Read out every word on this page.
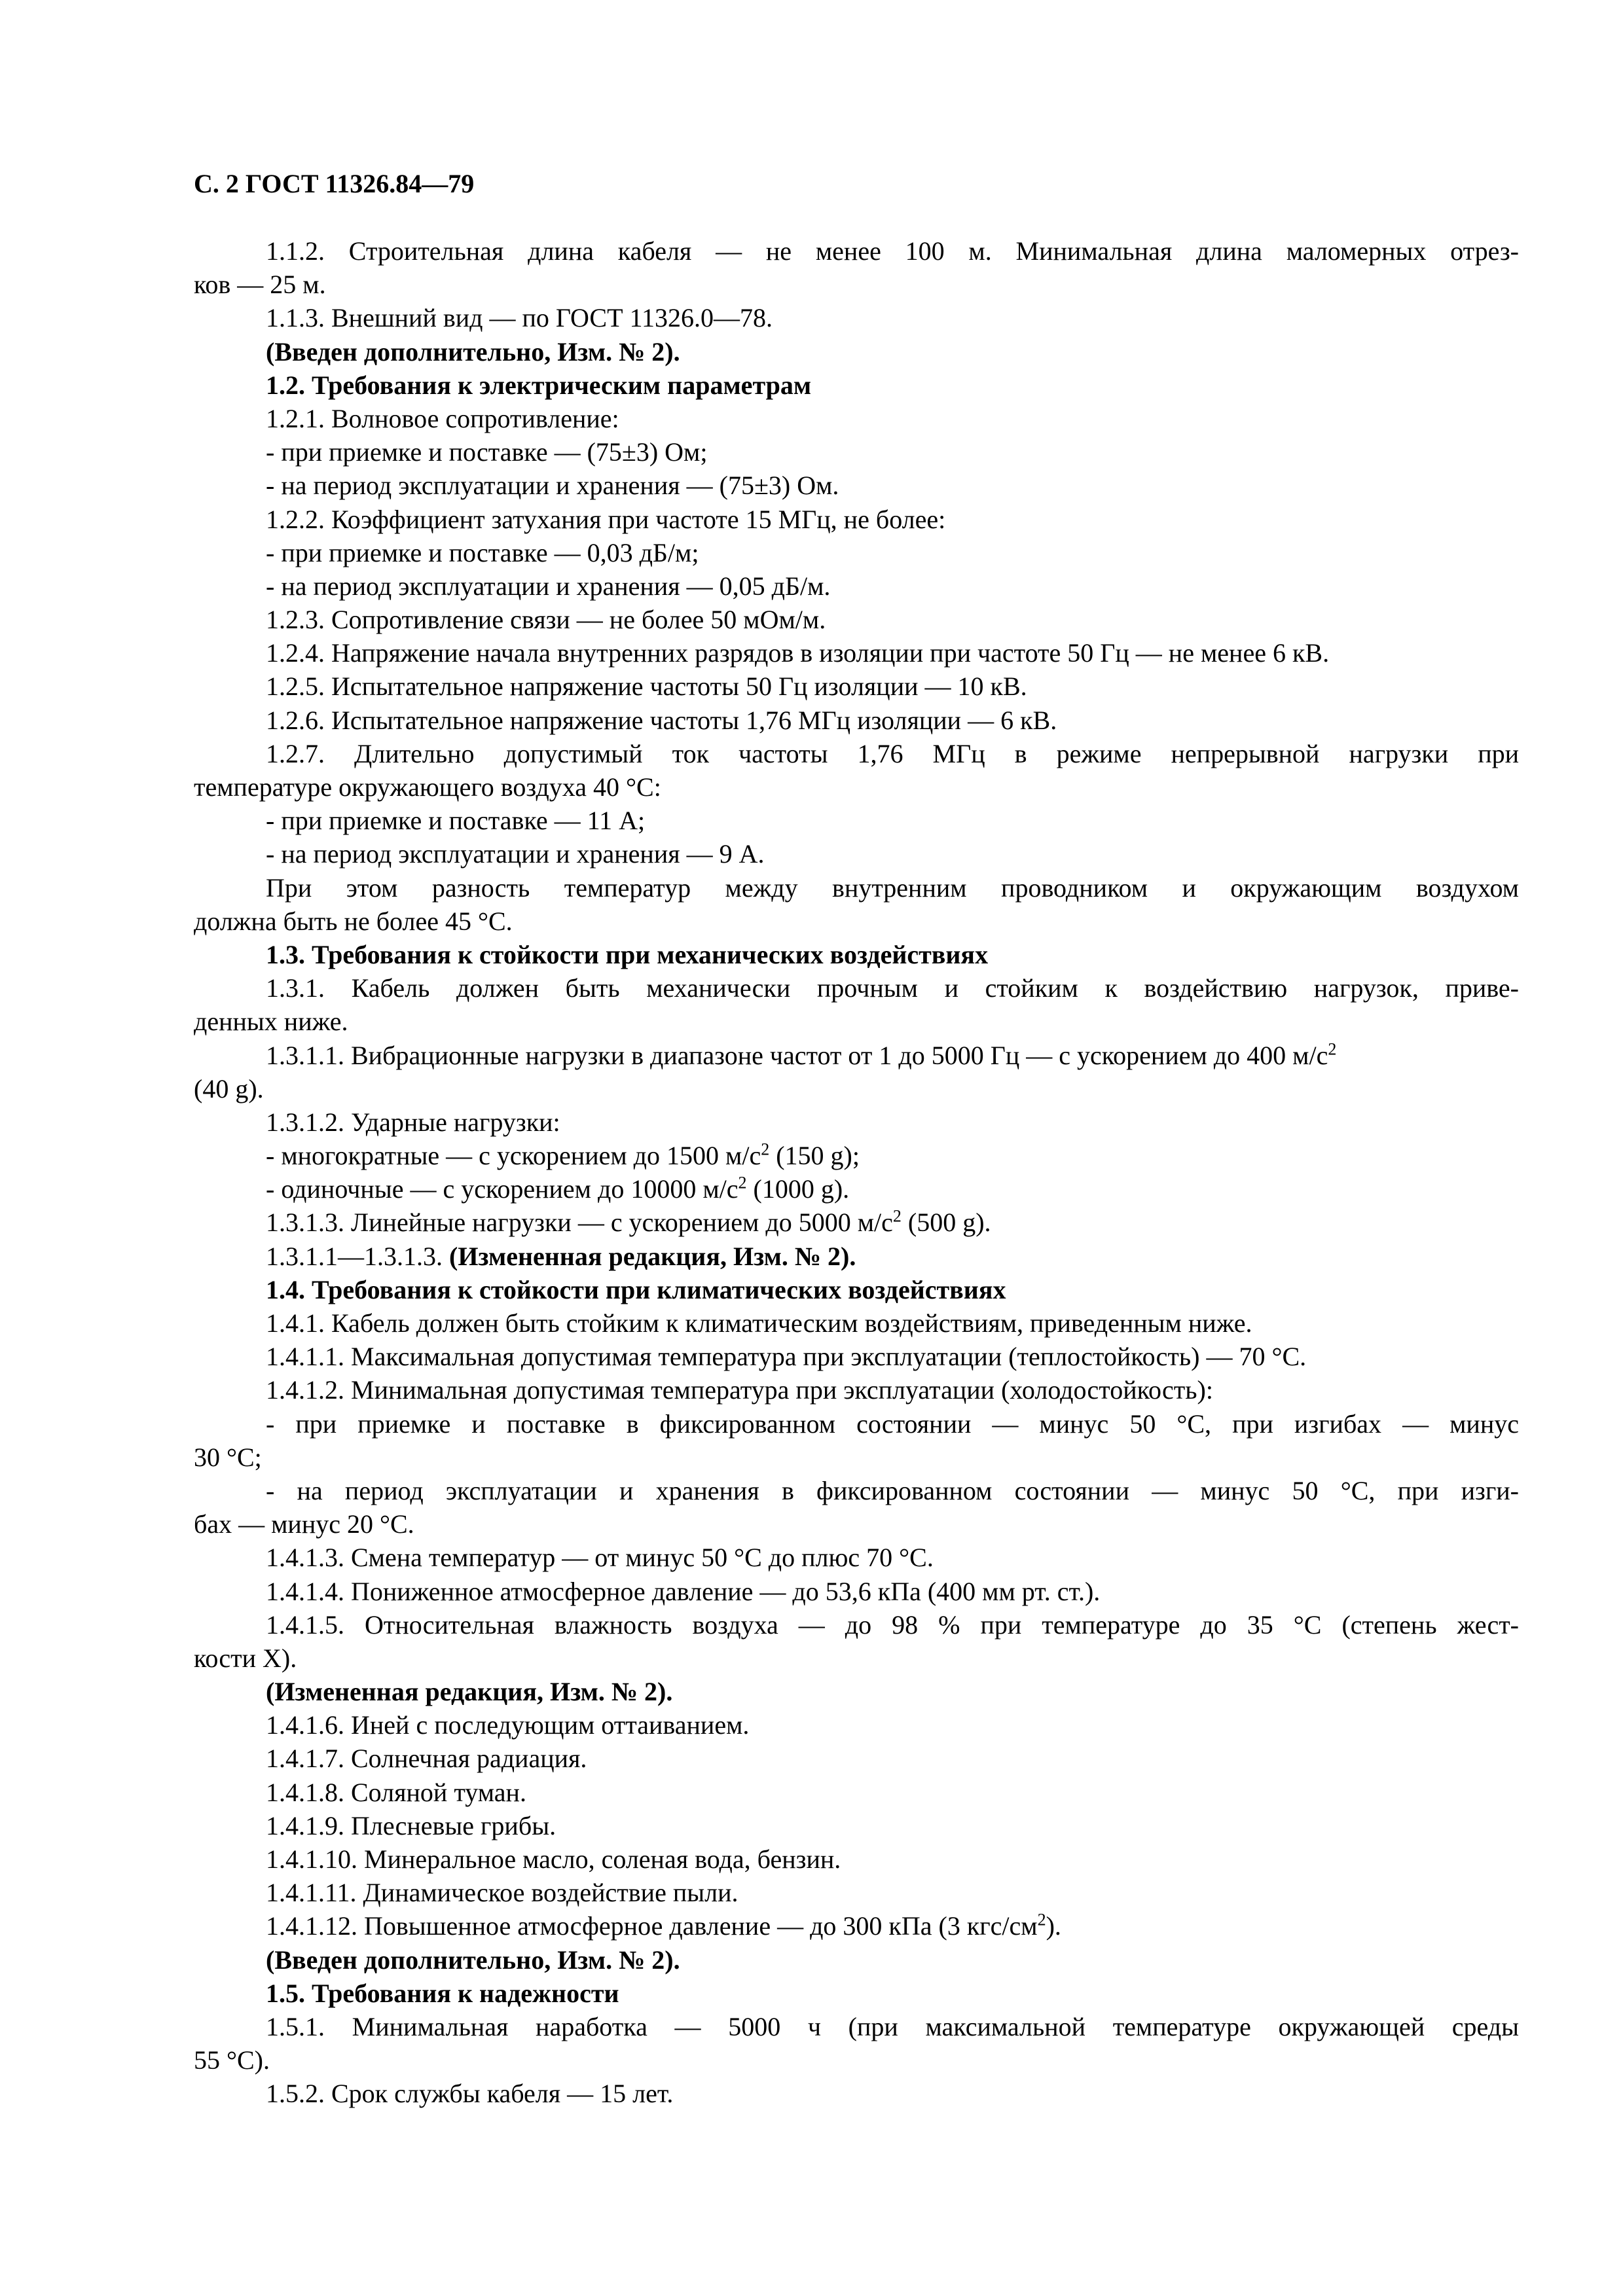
С. 2 ГОСТ 11326.84—79
1.1.2. Строительная длина кабеля — не менее 100 м. Минимальная длина маломерных отрез-
ков — 25 м.
1.1.3. Внешний вид — по ГОСТ 11326.0—78.
(Введен дополнительно, Изм. № 2).
1.2. Требования к электрическим параметрам
1.2.1. Волновое сопротивление:
- при приемке и поставке — (75±3) Ом;
- на период эксплуатации и хранения — (75±3) Ом.
1.2.2. Коэффициент затухания при частоте 15 МГц, не более:
- при приемке и поставке — 0,03 дБ/м;
- на период эксплуатации и хранения — 0,05 дБ/м.
1.2.3. Сопротивление связи — не более 50 мОм/м.
1.2.4. Напряжение начала внутренних разрядов в изоляции при частоте 50 Гц — не менее 6 кВ.
1.2.5. Испытательное напряжение частоты 50 Гц изоляции — 10 кВ.
1.2.6. Испытательное напряжение частоты 1,76 МГц изоляции — 6 кВ.
1.2.7. Длительно допустимый ток частоты 1,76 МГц в режиме непрерывной нагрузки при
температуре окружающего воздуха 40 °С:
- при приемке и поставке — 11 А;
- на период эксплуатации и хранения — 9 А.
При этом разность температур между внутренним проводником и окружающим воздухом
должна быть не более 45 °С.
1.3. Требования к стойкости при механических воздействиях
1.3.1. Кабель должен быть механически прочным и стойким к воздействию нагрузок, приве-
денных ниже.
1.3.1.1. Вибрационные нагрузки в диапазоне частот от 1 до 5000 Гц — с ускорением до 400 $м/с^2$
(40 g).
1.3.1.2. Ударные нагрузки:
- многократные — с ускорением до 1500 $м/с^2$ (150 g);
- одиночные — с ускорением до 10000 $м/с^2$ (1000 g).
1.3.1.3. Линейные нагрузки — с ускорением до 5000 $м/с^2$ (500 g).
1.3.1.1—1.3.1.3. (Измененная редакция, Изм. № 2).
1.4. Требования к стойкости при климатических воздействиях
1.4.1. Кабель должен быть стойким к климатическим воздействиям, приведенным ниже.
1.4.1.1. Максимальная допустимая температура при эксплуатации (теплостойкость) — 70 °С.
1.4.1.2. Минимальная допустимая температура при эксплуатации (холодостойкость):
- при приемке и поставке в фиксированном состоянии — минус 50 °С, при изгибах — минус
30 °С;
- на период эксплуатации и хранения в фиксированном состоянии — минус 50 °С, при изги-
бах — минус 20 °С.
1.4.1.3. Смена температур — от минус 50 °С до плюс 70 °С.
1.4.1.4. Пониженное атмосферное давление — до 53,6 кПа (400 мм рт. ст.).
1.4.1.5. Относительная влажность воздуха — до 98 % при температуре до 35 °С (степень жест-
кости X).
(Измененная редакция, Изм. № 2).
1.4.1.6. Иней с последующим оттаиванием.
1.4.1.7. Солнечная радиация.
1.4.1.8. Соляной туман.
1.4.1.9. Плесневые грибы.
1.4.1.10. Минеральное масло, соленая вода, бензин.
1.4.1.11. Динамическое воздействие пыли.
1.4.1.12. Повышенное атмосферное давление — до 300 кПа (3 кгс/$см^2$).
(Введен дополнительно, Изм. № 2).
1.5. Требования к надежности
1.5.1. Минимальная наработка — 5000 ч (при максимальной температуре окружающей среды
55 °С).
1.5.2. Срок службы кабеля — 15 лет.
